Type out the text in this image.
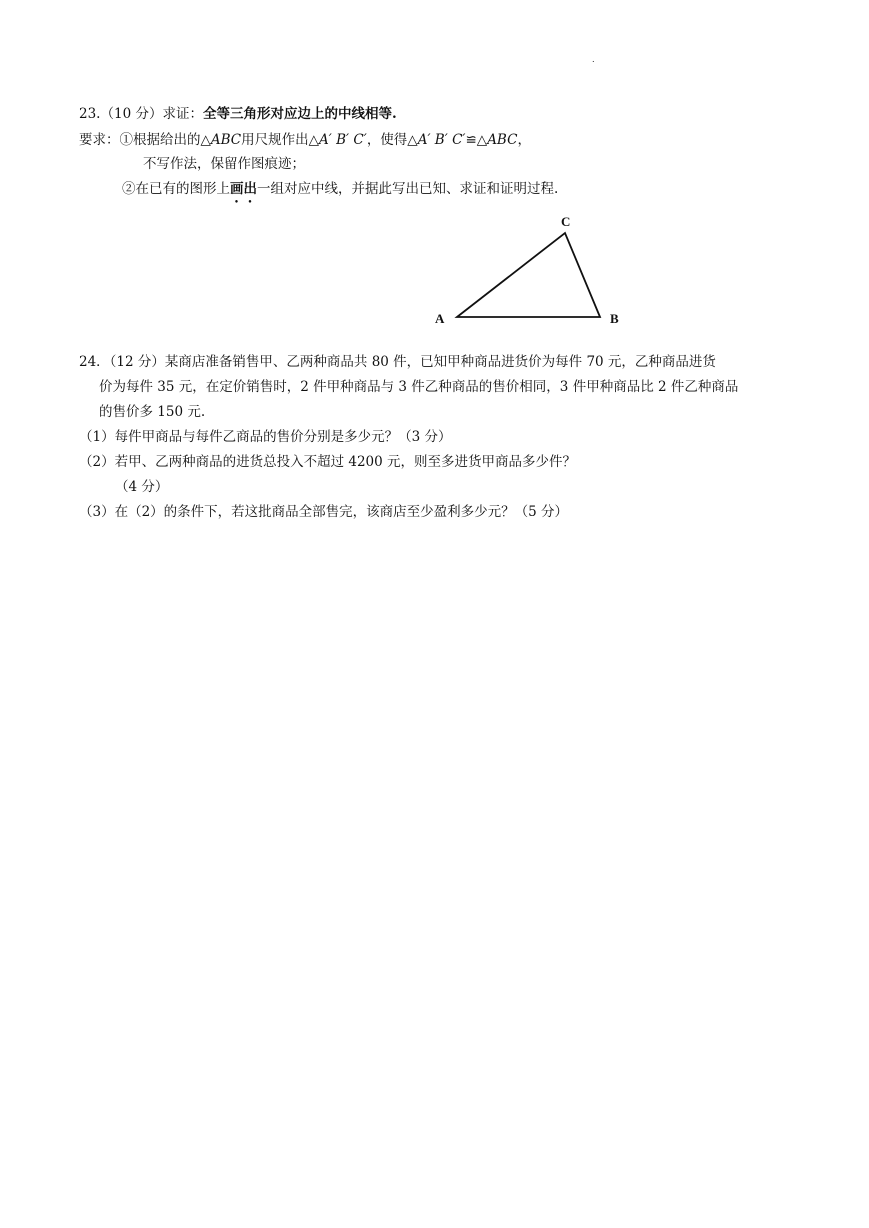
.
23.（10 分）求证：全等三角形对应边上的中线相等.
要求：①根据给出的△ABC用尺规作出△A′ B′ C′，使得△A′ B′ C′≌△ABC，
不写作法，保留作图痕迹；
②在已有的图形上画出一组对应中线，并据此写出已知、求证和证明过程.
A	B
C
24．（12 分）某商店准备销售甲、乙两种商品共 80 件，已知甲种商品进货价为每件 70 元，乙种商品进货
价为每件 35 元，在定价销售时，2 件甲种商品与 3 件乙种商品的售价相同，3 件甲种商品比 2 件乙种商品
的售价多 150 元.
（1）每件甲商品与每件乙商品的售价分别是多少元？（3 分）
（2）若甲、乙两种商品的进货总投入不超过 4200 元，则至多进货甲商品多少件？
（4 分）
（3）在（2）的条件下，若这批商品全部售完，该商店至少盈利多少元？（5 分）
